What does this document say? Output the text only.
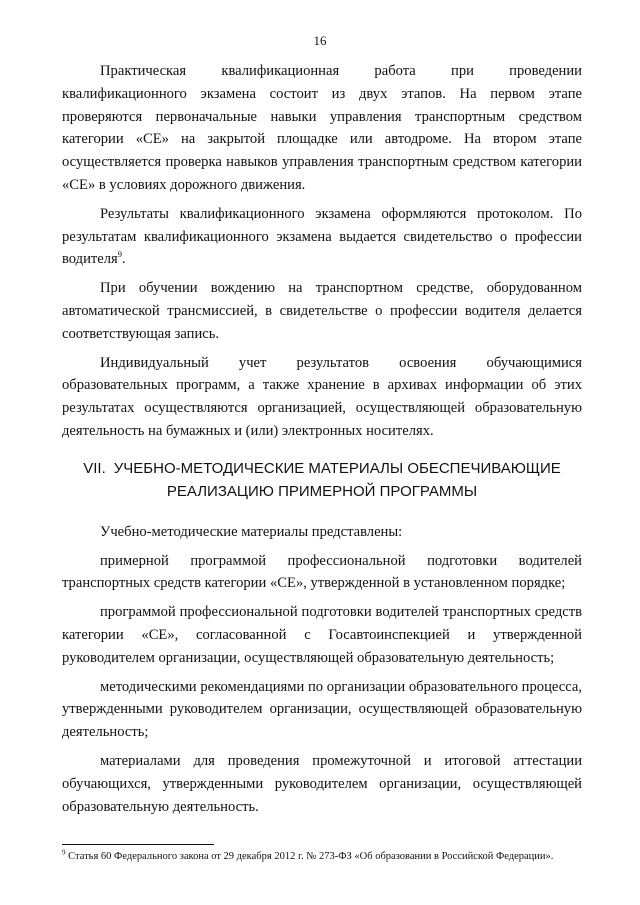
16

Практическая квалификационная работа при проведении квалификационного экзамена состоит из двух этапов. На первом этапе проверяются первоначальные навыки управления транспортным средством категории «СЕ» на закрытой площадке или автодроме. На втором этапе осуществляется проверка навыков управления транспортным средством категории «СЕ» в условиях дорожного движения.

Результаты квалификационного экзамена оформляются протоколом. По результатам квалификационного экзамена выдается свидетельство о профессии водителя$^9$.

При обучении вождению на транспортном средстве, оборудованном автоматической трансмиссией, в свидетельстве о профессии водителя делается соответствующая запись.

Индивидуальный учет результатов освоения обучающимися образовательных программ, а также хранение в архивах информации об этих результатах осуществляются организацией, осуществляющей образовательную деятельность на бумажных и (или) электронных носителях.

VII. УЧЕБНО-МЕТОДИЧЕСКИЕ МАТЕРИАЛЫ ОБЕСПЕЧИВАЮЩИЕ
РЕАЛИЗАЦИЮ ПРИМЕРНОЙ ПРОГРАММЫ

Учебно-методические материалы представлены:

примерной программой профессиональной подготовки водителей транспортных средств категории «СЕ», утвержденной в установленном порядке;

программой профессиональной подготовки водителей транспортных средств категории «СЕ», согласованной с Госавтоинспекцией и утвержденной руководителем организации, осуществляющей образовательную деятельность;

методическими рекомендациями по организации образовательного процесса, утвержденными руководителем организации, осуществляющей образовательную деятельность;

материалами для проведения промежуточной и итоговой аттестации обучающихся, утвержденными руководителем организации, осуществляющей образовательную деятельность.

$^9$ Статья 60 Федерального закона от 29 декабря 2012 г. № 273-ФЗ «Об образовании в Российской Федерации».
